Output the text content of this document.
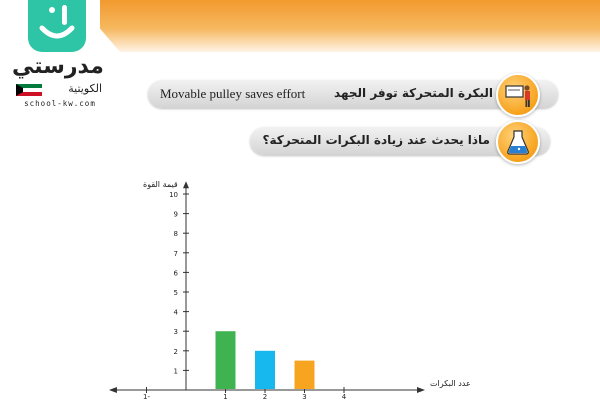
مدرستي
الكويتية
school-kw.com
البكرة المتحركة توفر الجهد
Movable pulley saves effort
ماذا يحدث عند زيادة البكرات المتحركة؟
قيمة القوة
عدد البكرات
1
2
3
4
5
6
7
8
9
10
1-	1	2	3	4
